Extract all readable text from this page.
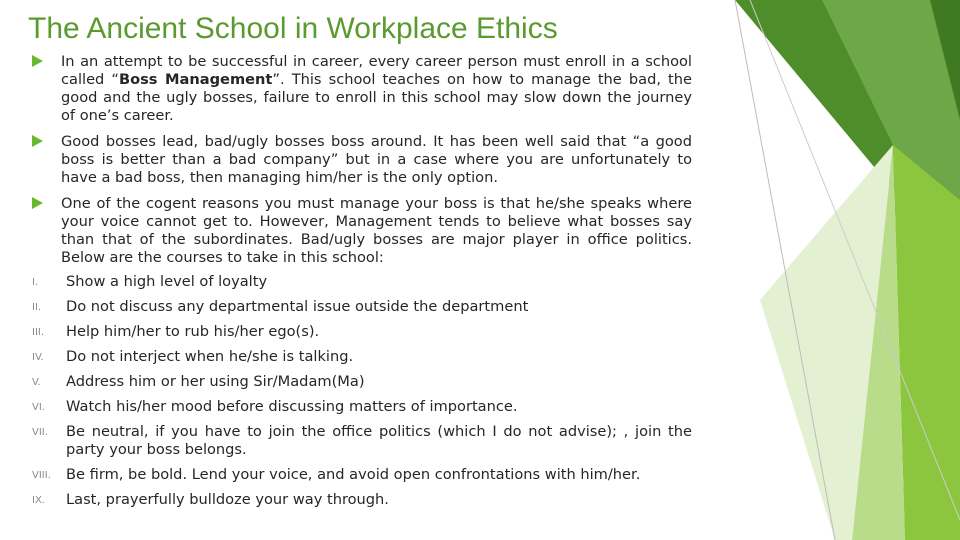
The Ancient School in Workplace Ethics

In an attempt to be successful in career, every career person must enroll in a school called “Boss Management”. This school teaches on how to manage the bad, the good and the ugly bosses, failure to enroll in this school may slow down the journey of one’s career.

Good bosses lead, bad/ugly bosses boss around. It has been well said that “a good boss is better than a bad company” but in a case where you are unfortunately to have a bad boss, then managing him/her is the only option.

One of the cogent reasons you must manage your boss is that he/she speaks where your voice cannot get to. However, Management tends to believe what bosses say than that of the subordinates. Bad/ugly bosses are major player in office politics. Below are the courses to take in this school:

I. Show a high level of loyalty

II. Do not discuss any departmental issue outside the department

III. Help him/her to rub his/her ego(s).

IV. Do not interject when he/she is talking.

V. Address him or her using Sir/Madam(Ma)

VI. Watch his/her mood before discussing matters of importance.

VII. Be neutral, if you have to join the office politics (which I do not advise); , join the party your boss belongs.

VIII. Be firm, be bold. Lend your voice, and avoid open confrontations with him/her.

IX. Last, prayerfully bulldoze your way through.
